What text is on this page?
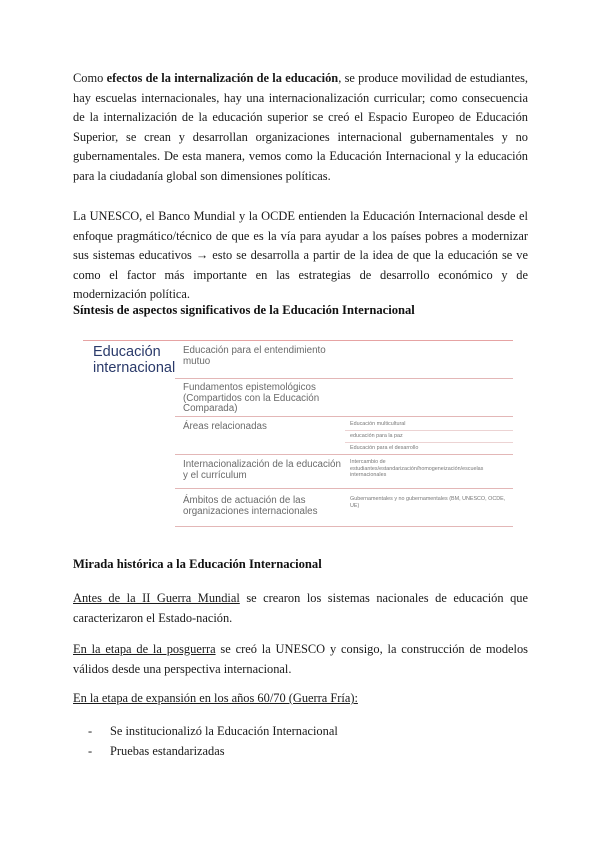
Como efectos de la internalización de la educación, se produce movilidad de estudiantes, hay escuelas internacionales, hay una internacionalización curricular; como consecuencia de la internalización de la educación superior se creó el Espacio Europeo de Educación Superior, se crean y desarrollan organizaciones internacional gubernamentales y no gubernamentales. De esta manera, vemos como la Educación Internacional y la educación para la ciudadanía global son dimensiones políticas.

La UNESCO, el Banco Mundial y la OCDE entienden la Educación Internacional desde el enfoque pragmático/técnico de que es la vía para ayudar a los países pobres a modernizar sus sistemas educativos → esto se desarrolla a partir de la idea de que la educación se ve como el factor más importante en las estrategias de desarrollo económico y de modernización política.

Síntesis de aspectos significativos de la Educación Internacional
Educación internacional
Educación para el entendimiento mutuo
Fundamentos epistemológicos (Compartidos con la Educación Comparada)
Áreas relacionadas	Educación multicultural
educación para la paz
Educación para el desarrollo
Internacionalización de la educación y el currículum
Intercambio de estudiantes/estandarización/homogeneización/escuelas internacionales
Ámbitos de actuación de las organizaciones internacionales
Gubernamentales y no gubernamentales (BM, UNESCO, OCDE, UE)
Mirada histórica a la Educación Internacional

Antes de la II Guerra Mundial se crearon los sistemas nacionales de educación que caracterizaron el Estado-nación.

En la etapa de la posguerra se creó la UNESCO y consigo, la construcción de modelos válidos desde una perspectiva internacional.

En la etapa de expansión en los años 60/70 (Guerra Fría):

- Se institucionalizó la Educación Internacional
- Pruebas estandarizadas
